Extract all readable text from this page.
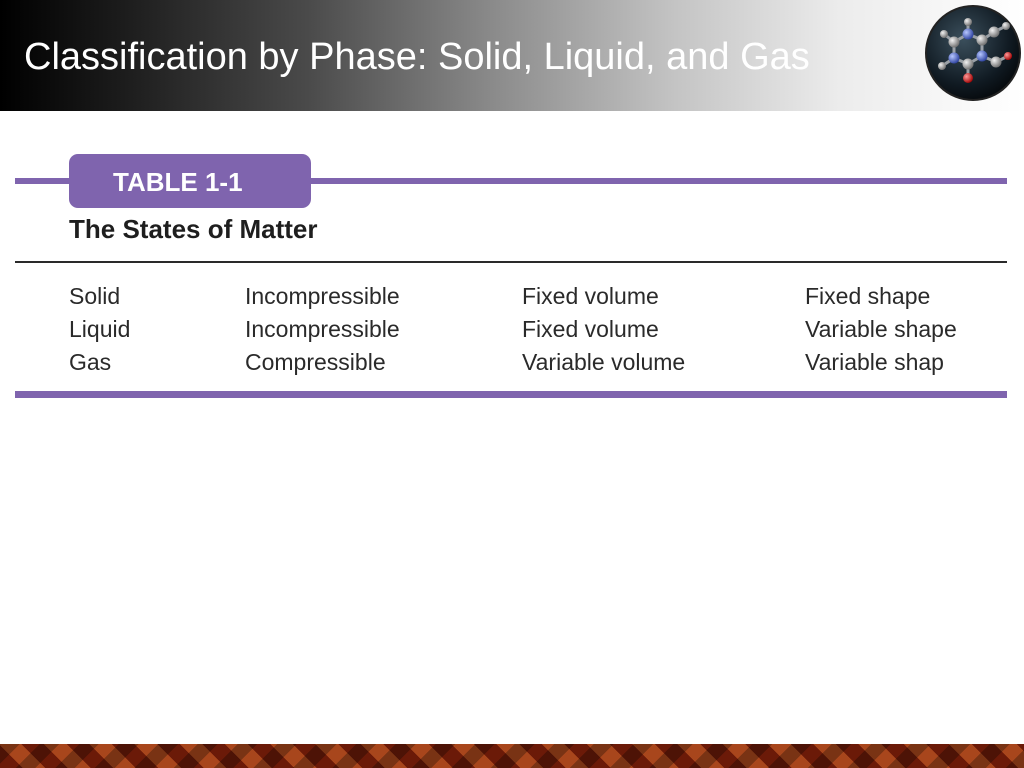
Classification by Phase: Solid, Liquid, and Gas
TABLE 1-1
The States of Matter
Solid	Incompressible	Fixed volume	Fixed shape
Liquid	Incompressible	Fixed volume	Variable shape
Gas	Compressible	Variable volume	Variable shap
